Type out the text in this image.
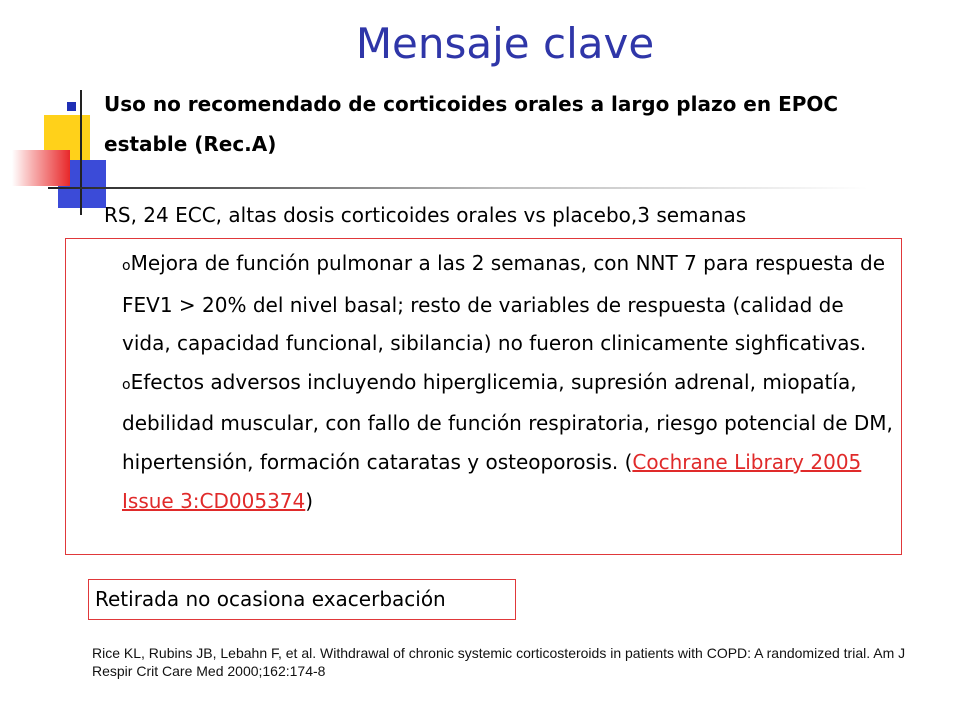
Mensaje clave
Uso no recomendado de corticoides orales a largo plazo en EPOC estable (Rec.A)
RS, 24 ECC, altas dosis corticoides orales vs placebo,3 semanas
oMejora de función pulmonar a las 2 semanas, con NNT 7 para respuesta de FEV1 > 20% del nivel basal; resto de variables de respuesta (calidad de vida, capacidad funcional, sibilancia) no fueron clinicamente sighficativas.
oEfectos adversos incluyendo hiperglicemia, supresión adrenal, miopatía, debilidad muscular, con fallo de función respiratoria, riesgo potencial de DM, hipertensión, formación cataratas y osteoporosis. (Cochrane Library 2005 Issue 3:CD005374)
Retirada no ocasiona exacerbación
Rice KL, Rubins JB, Lebahn F, et al. Withdrawal of chronic systemic corticosteroids in patients with COPD: A randomized trial. Am J Respir Crit Care Med 2000;162:174-8
